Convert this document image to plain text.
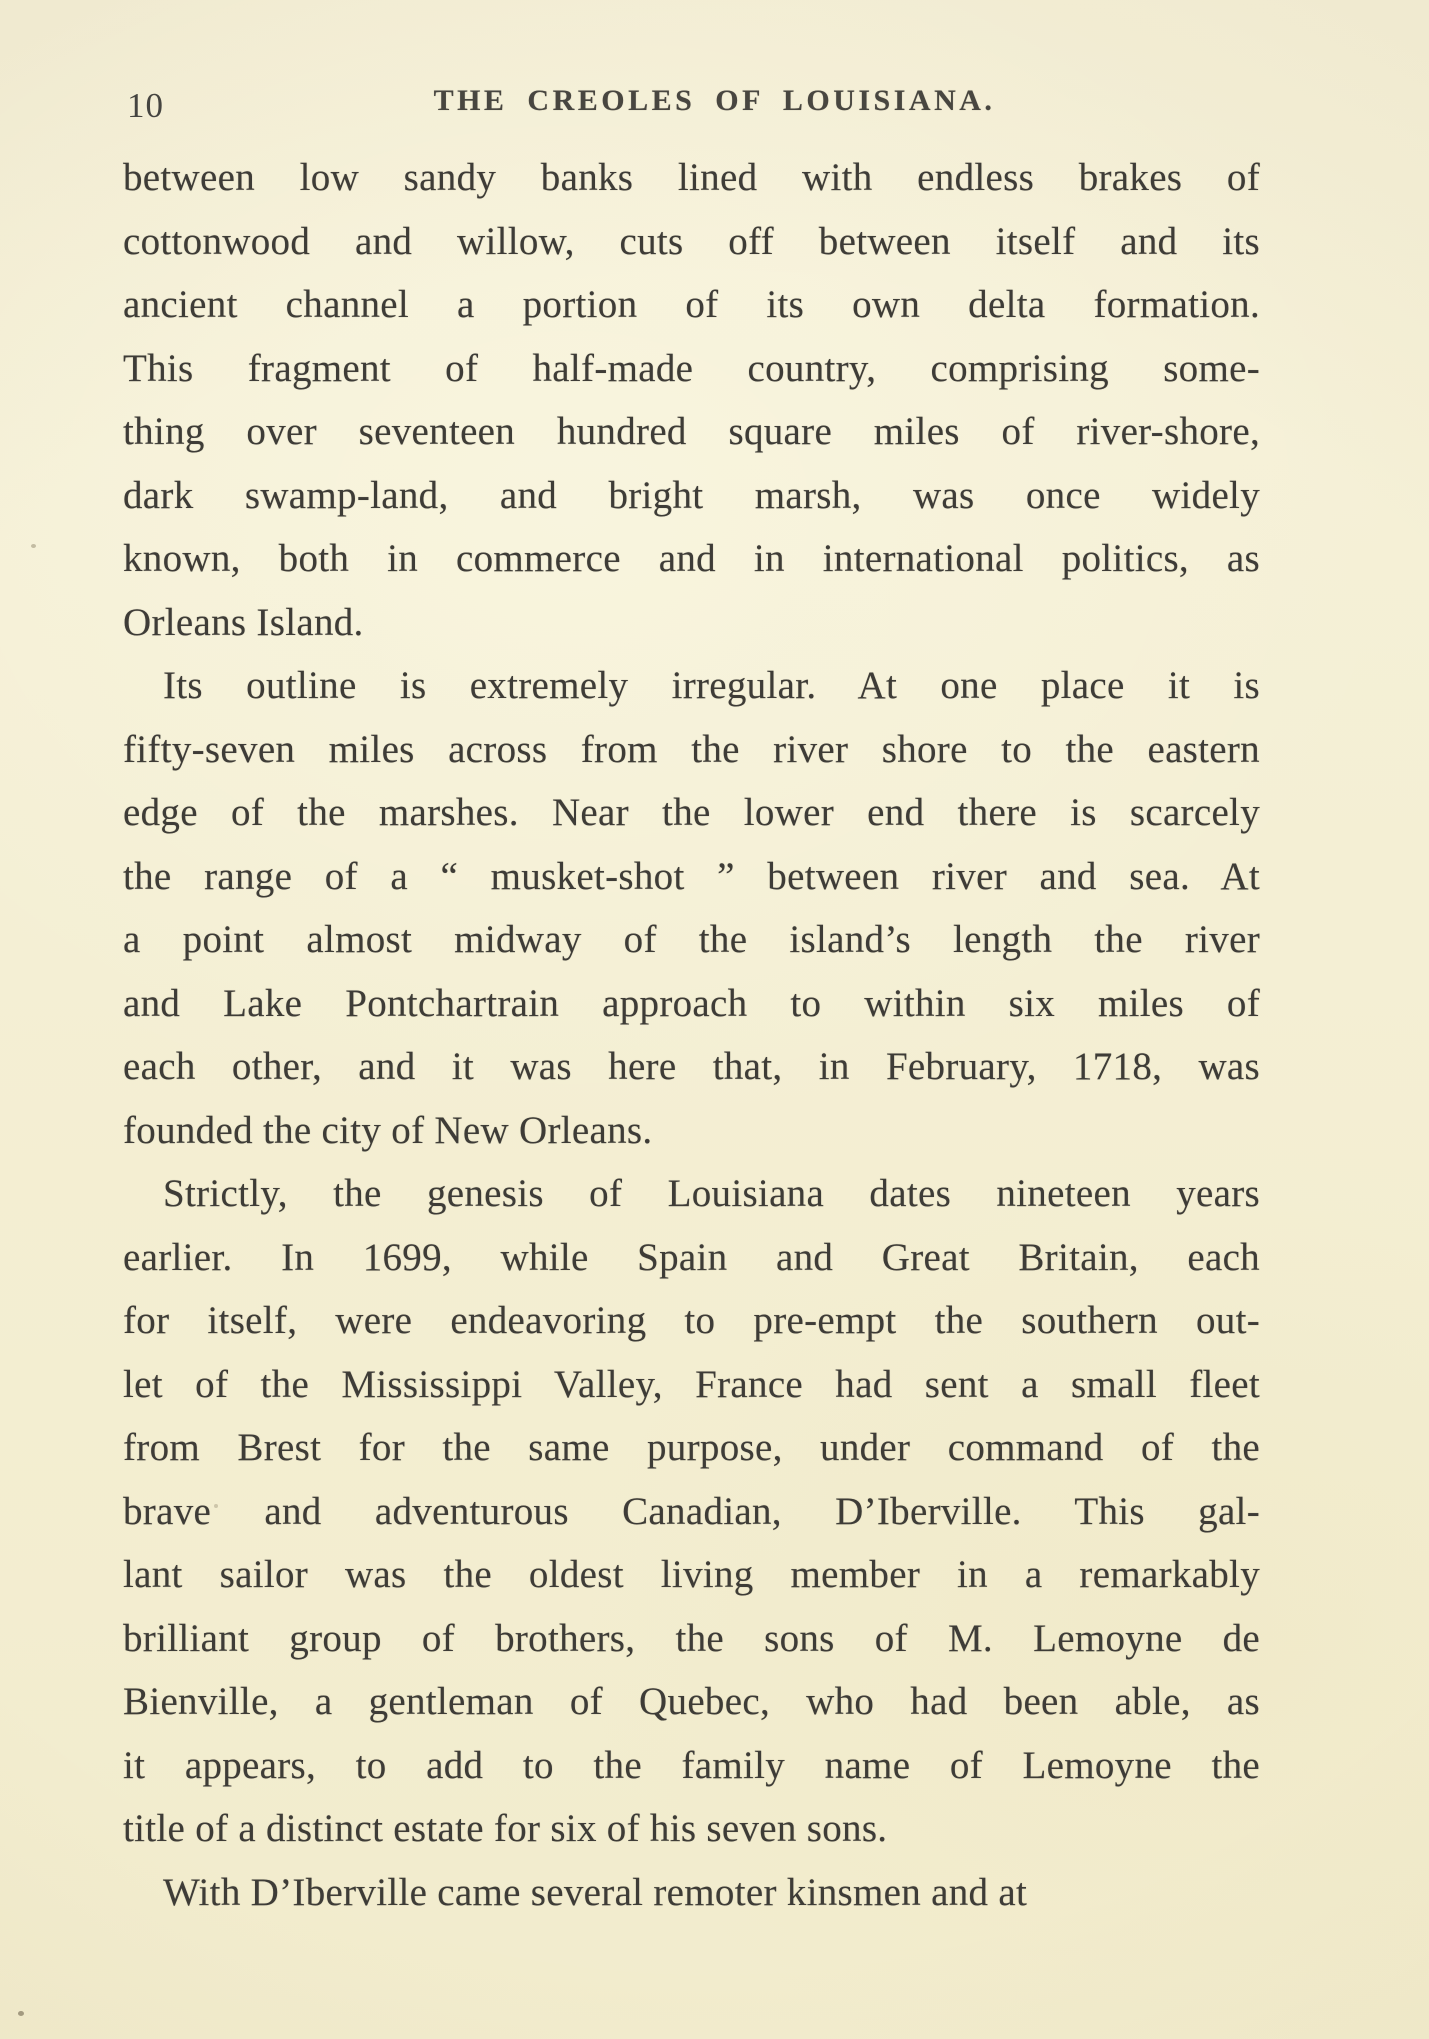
10	THE CREOLES OF LOUISIANA.
between low sandy banks lined with endless brakes of
cottonwood and willow, cuts off between itself and its
ancient channel a portion of its own delta formation.
This fragment of half-made country, comprising some-
thing over seventeen hundred square miles of river-shore,
dark swamp-land, and bright marsh, was once widely
known, both in commerce and in international politics, as
Orleans Island.
Its outline is extremely irregular. At one place it is
fifty-seven miles across from the river shore to the eastern
edge of the marshes. Near the lower end there is scarcely
the range of a “ musket-shot ” between river and sea. At
a point almost midway of the island’s length the river
and Lake Pontchartrain approach to within six miles of
each other, and it was here that, in February, 1718, was
founded the city of New Orleans.
Strictly, the genesis of Louisiana dates nineteen years
earlier. In 1699, while Spain and Great Britain, each
for itself, were endeavoring to pre-empt the southern out-
let of the Mississippi Valley, France had sent a small fleet
from Brest for the same purpose, under command of the
brave and adventurous Canadian, D’Iberville. This gal-
lant sailor was the oldest living member in a remarkably
brilliant group of brothers, the sons of M. Lemoyne de
Bienville, a gentleman of Quebec, who had been able, as
it appears, to add to the family name of Lemoyne the
title of a distinct estate for six of his seven sons.
With D’Iberville came several remoter kinsmen and at
